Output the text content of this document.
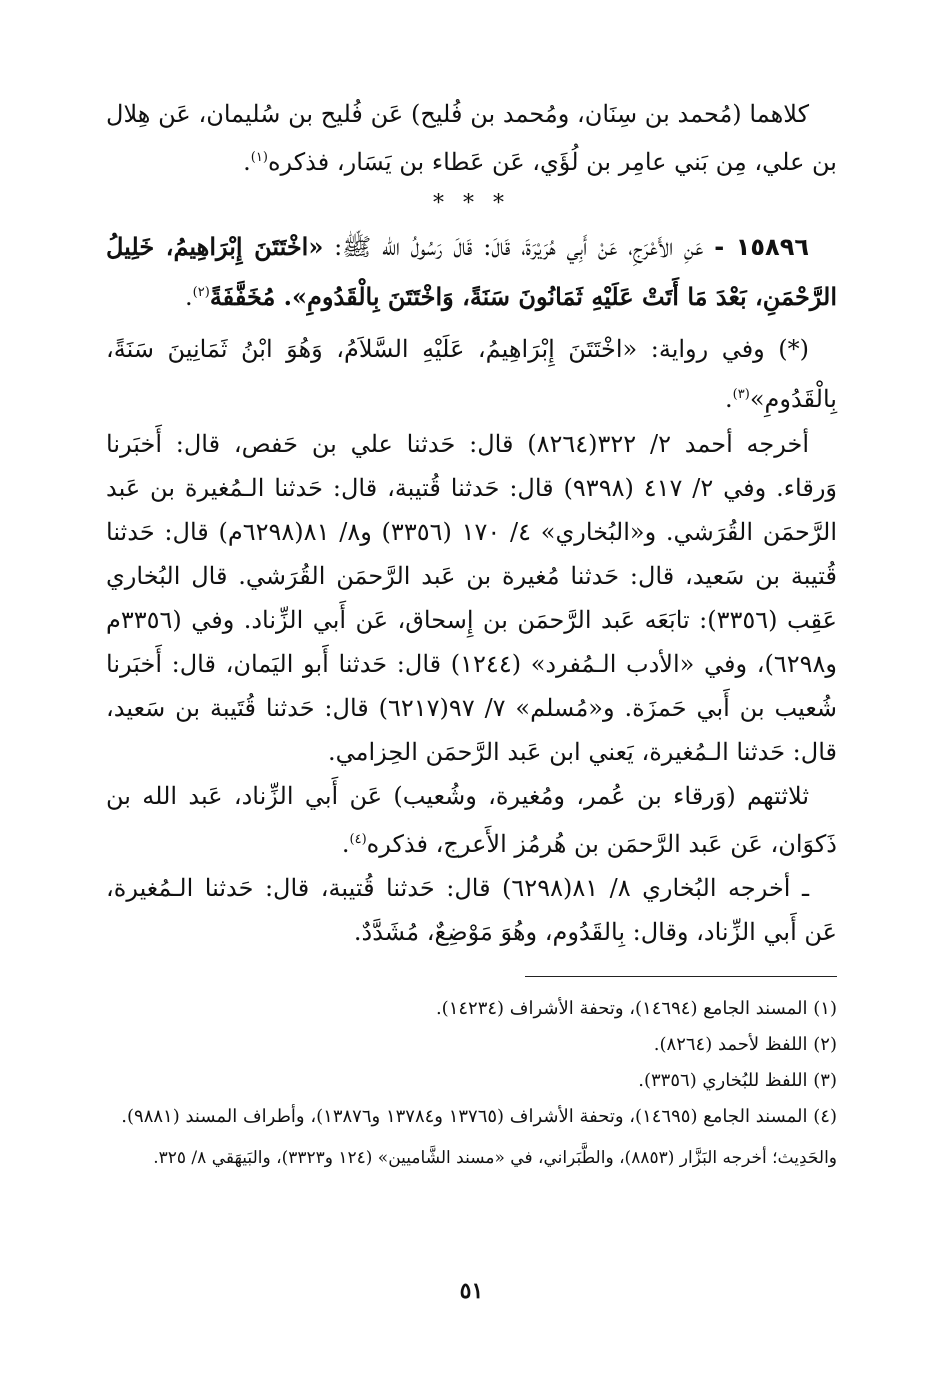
كلاهما (مُحمد بن سِنَان، ومُحمد بن فُليح) عَن فُليح بن سُليمان، عَن هِلال بن علي، مِن بَني عامِر بن لُؤَي، عَن عَطاء بن يَسَار، فذكره$^{(١)}$.

* * *

١٥٨٩٦ - عَنِ الأَعْرَجِ، عَنْ أَبِي هُرَيْرَةَ، قَالَ: قَالَ رَسُولُ الله ﷺ: «اخْتَتَنَ إِبْرَاهِيمُ، خَلِيلُ الرَّحْمَنِ، بَعْدَ مَا أَتَتْ عَلَيْهِ ثَمَانُونَ سَنَةً، وَاخْتَتَنَ بِالْقَدُومِ». مُخَفَّفَةً$^{(٢)}$.

(*) وفي رواية: «اخْتَتَنَ إِبْرَاهِيمُ، عَلَيْهِ السَّلاَمُ، وَهُوَ ابْنُ ثَمَانِينَ سَنَةً، بِالْقَدُومِ»$^{(٣)}$.

أخرجه أحمد ٢/ ٣٢٢(٨٢٦٤) قال: حَدثنا علي بن حَفص، قال: أَخبَرنا وَرقاء. وفي ٢/ ٤١٧ (٩٣٩٨) قال: حَدثنا قُتيبة، قال: حَدثنا الـمُغيرة بن عَبد الرَّحمَن القُرَشي. و«البُخاري» ٤/ ١٧٠ (٣٣٥٦) و٨/ ٨١(٦٢٩٨م) قال: حَدثنا قُتيبة بن سَعيد، قال: حَدثنا مُغيرة بن عَبد الرَّحمَن القُرَشي. قال البُخاري عَقِب (٣٣٥٦): تابَعَه عَبد الرَّحمَن بن إِسحاق، عَن أَبي الزِّناد. وفي (٣٣٥٦م و٦٢٩٨)، وفي «الأدب الـمُفرد» (١٢٤٤) قال: حَدثنا أَبو اليَمان، قال: أَخبَرنا شُعيب بن أَبي حَمزَة. و«مُسلم» ٧/ ٩٧(٦٢١٧) قال: حَدثنا قُتَيبة بن سَعيد، قال: حَدثنا الـمُغيرة، يَعني ابن عَبد الرَّحمَن الحِزامي.

ثلاثتهم (وَرقاء بن عُمر، ومُغيرة، وشُعيب) عَن أَبي الزِّناد، عَبد الله بن ذَكوَان، عَن عَبد الرَّحمَن بن هُرمُز الأَعرج، فذكره$^{(٤)}$.

ـ أخرجه البُخاري ٨/ ٨١(٦٢٩٨) قال: حَدثنا قُتيبة، قال: حَدثنا الـمُغيرة، عَن أَبي الزِّناد، وقال: بِالقَدُوم، وهُوَ مَوْضِعٌ، مُشَدَّدٌ.

(١) المسند الجامع (١٤٦٩٤)، وتحفة الأشراف (١٤٢٣٤).

(٢) اللفظ لأحمد (٨٢٦٤).

(٣) اللفظ للبُخاري (٣٣٥٦).

(٤) المسند الجامع (١٤٦٩٥)، وتحفة الأشراف (١٣٧٦٥ و١٣٧٨٤ و١٣٨٧٦)، وأطراف المسند (٩٨٨١).

والحَدِيث؛ أخرجه البَزَّار (٨٨٥٣)، والطَّبَراني، في «مسند الشَّاميين» (١٢٤ و٣٣٢٣)، والبَيهَقي ٨/ ٣٢٥.

٥١
